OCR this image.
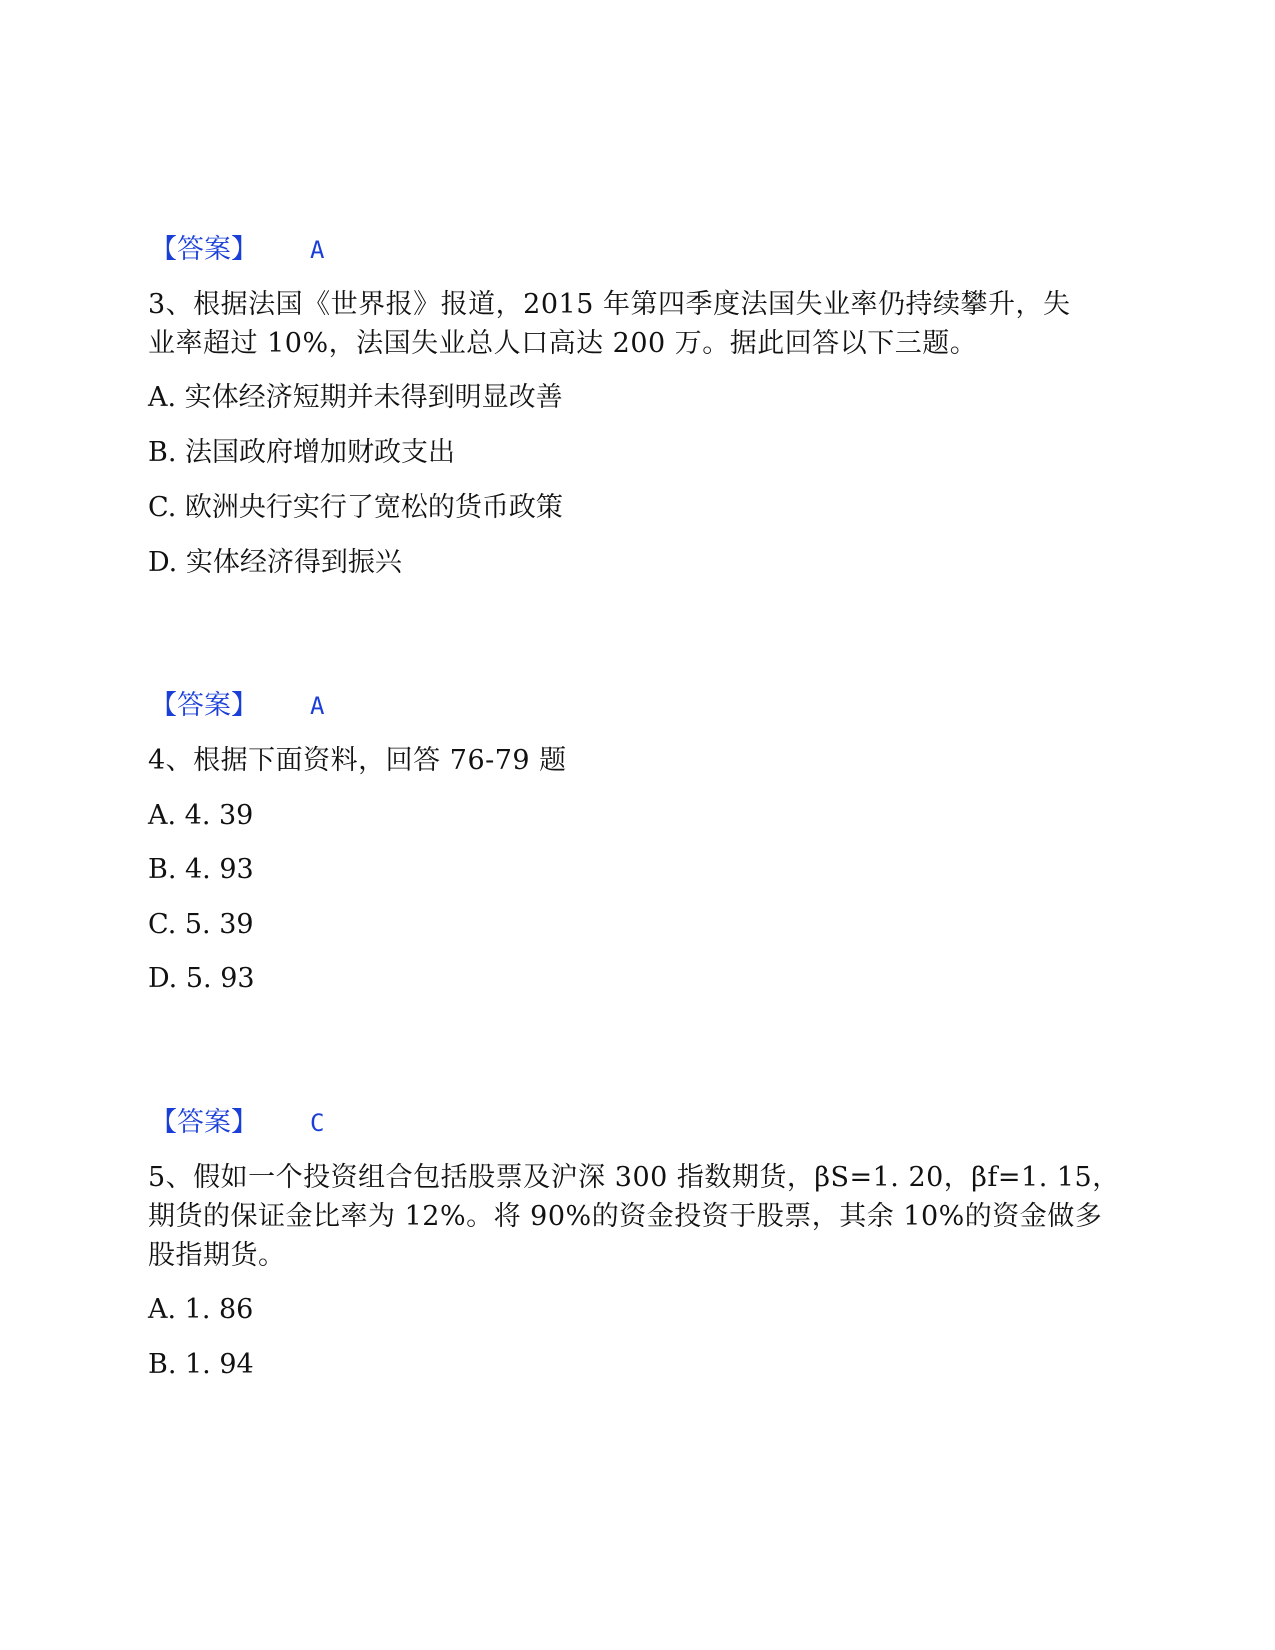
【答案】 A
3、根据法国《世界报》报道，2015 年第四季度法国失业率仍持续攀升，失
业率超过 10%，法国失业总人口高达 200 万。据此回答以下三题。
A. 实体经济短期并未得到明显改善
B. 法国政府增加财政支出
C. 欧洲央行实行了宽松的货币政策
D. 实体经济得到振兴
【答案】 A
4、根据下面资料，回答 76-79 题
A. 4. 39
B. 4. 93
C. 5. 39
D. 5. 93
【答案】 C
5、假如一个投资组合包括股票及沪深 300 指数期货，βS=1. 20，βf=1. 15，
期货的保证金比率为 12%。将 90%的资金投资于股票，其余 10%的资金做多
股指期货。
A. 1. 86
B. 1. 94
